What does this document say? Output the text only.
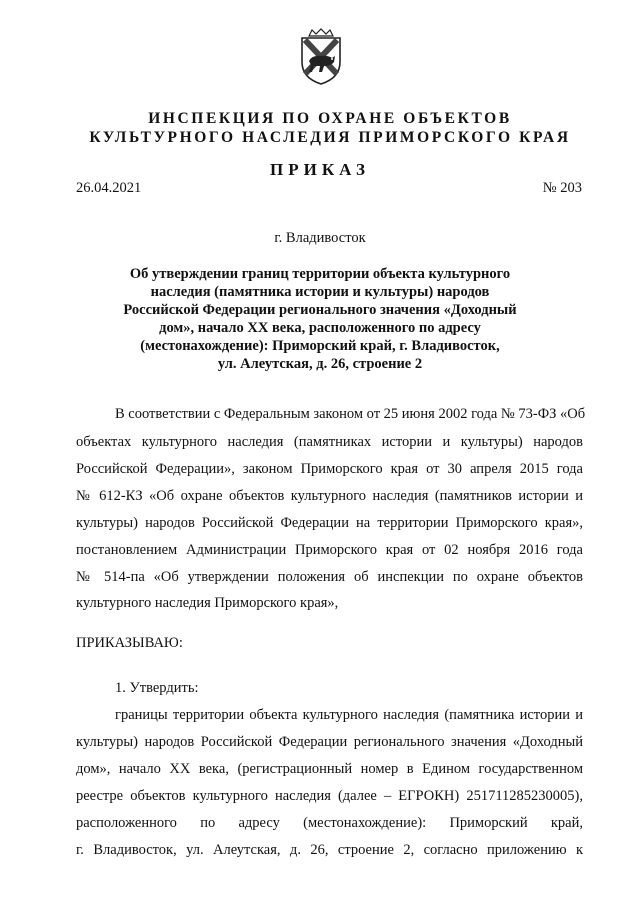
ИНСПЕКЦИЯ ПО ОХРАНЕ ОБЪЕКТОВ
КУЛЬТУРНОГО НАСЛЕДИЯ ПРИМОРСКОГО КРАЯ
ПРИКАЗ
26.04.2021	№ 203
г. Владивосток
Об утверждении границ территории объекта культурного
наследия (памятника истории и культуры) народов
Российской Федерации регионального значения «Доходный
дом», начало XX века, расположенного по адресу
(местонахождение): Приморский край, г. Владивосток,
ул. Алеутская, д. 26, строение 2
В соответствии с Федеральным законом от 25 июня 2002 года № 73-ФЗ «Об
объектах культурного наследия (памятниках истории и культуры) народов
Российской Федерации», законом Приморского края от 30 апреля 2015 года
№ 612-КЗ «Об охране объектов культурного наследия (памятников истории и
культуры) народов Российской Федерации на территории Приморского края»,
постановлением Администрации Приморского края от 02 ноября 2016 года
№ 514-па «Об утверждении положения об инспекции по охране объектов
культурного наследия Приморского края»,
ПРИКАЗЫВАЮ:
1. Утвердить:
границы территории объекта культурного наследия (памятника истории и
культуры) народов Российской Федерации регионального значения «Доходный
дом», начало XX века, (регистрационный номер в Едином государственном
реестре объектов культурного наследия (далее – ЕГРОКН) 251711285230005),
расположенного по адресу (местонахождение): Приморский край,
г. Владивосток, ул. Алеутская, д. 26, строение 2, согласно приложению к
